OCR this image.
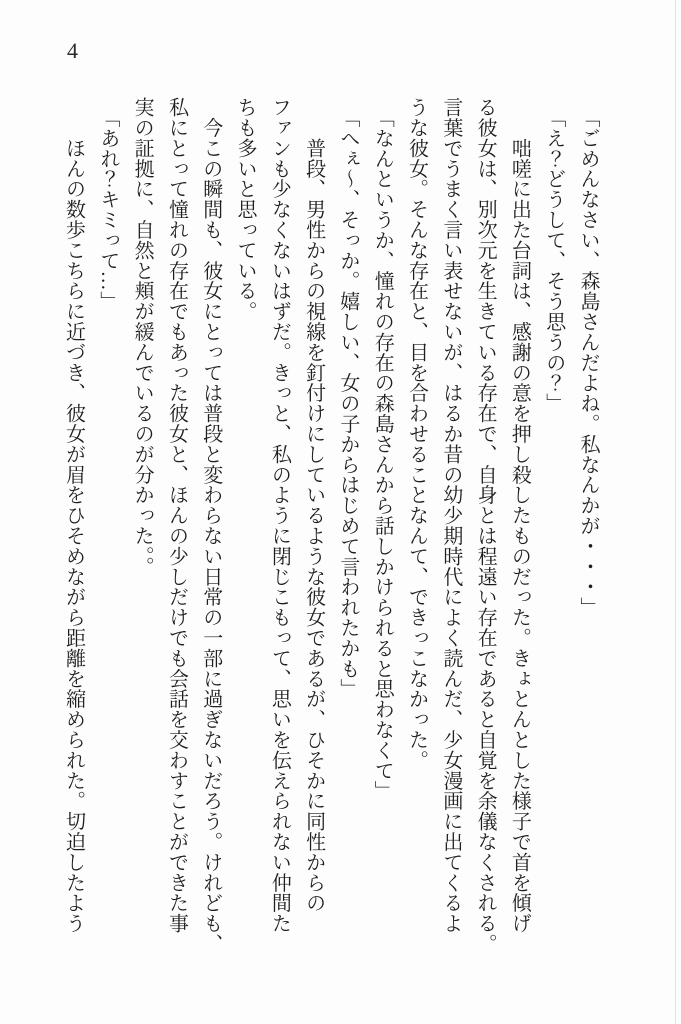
4
　「ごめんなさい、森島さんだよね。私なんかが・・・」
　「え？どうして、そう思うの？」
　　咄嗟に出た台詞は、感謝の意を押し殺したものだった。きょとんとした様子で首を傾げ
る彼女は、別次元を生きている存在で、自身とは程遠い存在であると自覚を余儀なくされる。
言葉でうまく言い表せないが、はるか昔の幼少期時代によく読んだ、少女漫画に出てくるよ
うな彼女。そんな存在と、目を合わせることなんて、できっこなかった。
　「なんというか、憧れの存在の森島さんから話しかけられると思わなくて」
　「へぇ〜、そっか。嬉しい、女の子からはじめて言われたかも」
　　普段、男性からの視線を釘付けにしているような彼女であるが、ひそかに同性からの
ファンも少なくないはずだ。きっと、私のように閉じこもって、思いを伝えられない仲間た
ちも多いと思っている。
　今この瞬間も、彼女にとっては普段と変わらない日常の一部に過ぎないだろう。けれども、
私にとって憧れの存在でもあった彼女と、ほんの少しだけでも会話を交わすことができた事
実の証拠に、自然と頬が緩んでいるのが分かった。。
　「あれ？キミって…」
　　ほんの数歩こちらに近づき、彼女が眉をひそめながら距離を縮められた。切迫したよう
